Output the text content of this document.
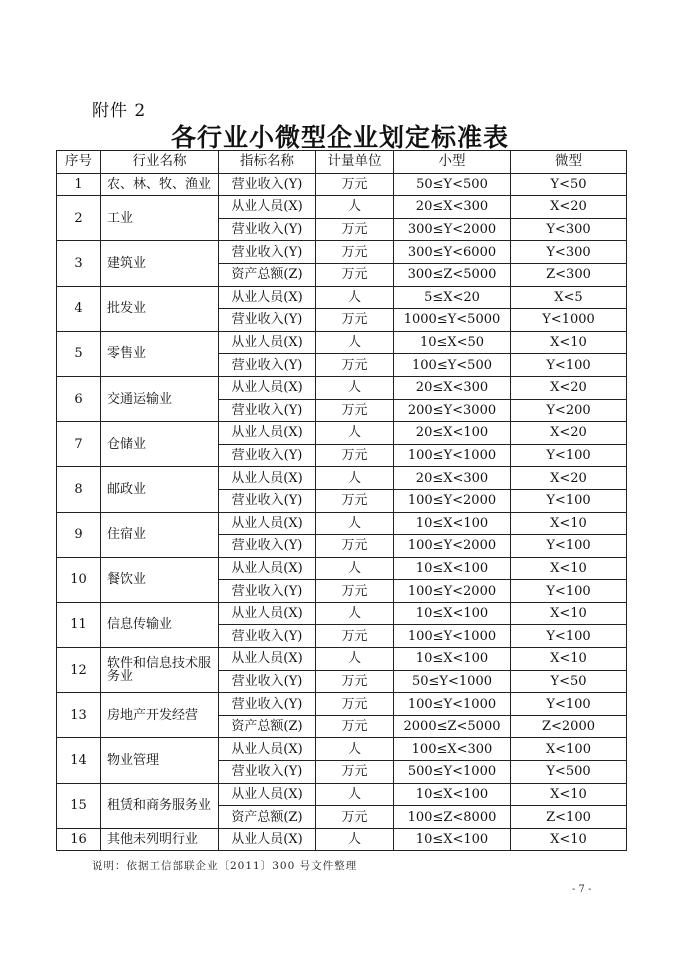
附件 2
各行业小微型企业划定标准表
序号	行业名称	指标名称	计量单位	小型	微型
1	农、林、牧、渔业	营业收入(Y)	万元	50≤Y<500	Y<50
2	工业	从业人员(X)	人	20≤X<300	X<20
		营业收入(Y)	万元	300≤Y<2000	Y<300
3	建筑业	营业收入(Y)	万元	300≤Y<6000	Y<300
		资产总额(Z)	万元	300≤Z<5000	Z<300
4	批发业	从业人员(X)	人	5≤X<20	X<5
		营业收入(Y)	万元	1000≤Y<5000	Y<1000
5	零售业	从业人员(X)	人	10≤X<50	X<10
		营业收入(Y)	万元	100≤Y<500	Y<100
6	交通运输业	从业人员(X)	人	20≤X<300	X<20
		营业收入(Y)	万元	200≤Y<3000	Y<200
7	仓储业	从业人员(X)	人	20≤X<100	X<20
		营业收入(Y)	万元	100≤Y<1000	Y<100
8	邮政业	从业人员(X)	人	20≤X<300	X<20
		营业收入(Y)	万元	100≤Y<2000	Y<100
9	住宿业	从业人员(X)	人	10≤X<100	X<10
		营业收入(Y)	万元	100≤Y<2000	Y<100
10	餐饮业	从业人员(X)	人	10≤X<100	X<10
		营业收入(Y)	万元	100≤Y<2000	Y<100
11	信息传输业	从业人员(X)	人	10≤X<100	X<10
		营业收入(Y)	万元	100≤Y<1000	Y<100
12	软件和信息技术服务业	从业人员(X)	人	10≤X<100	X<10
		营业收入(Y)	万元	50≤Y<1000	Y<50
13	房地产开发经营	营业收入(Y)	万元	100≤Y<1000	Y<100
		资产总额(Z)	万元	2000≤Z<5000	Z<2000
14	物业管理	从业人员(X)	人	100≤X<300	X<100
		营业收入(Y)	万元	500≤Y<1000	Y<500
15	租赁和商务服务业	从业人员(X)	人	10≤X<100	X<10
		资产总额(Z)	万元	100≤Z<8000	Z<100
16	其他未列明行业	从业人员(X)	人	10≤X<100	X<10
说明：依据工信部联企业〔2011〕300 号文件整理
- 7 -
